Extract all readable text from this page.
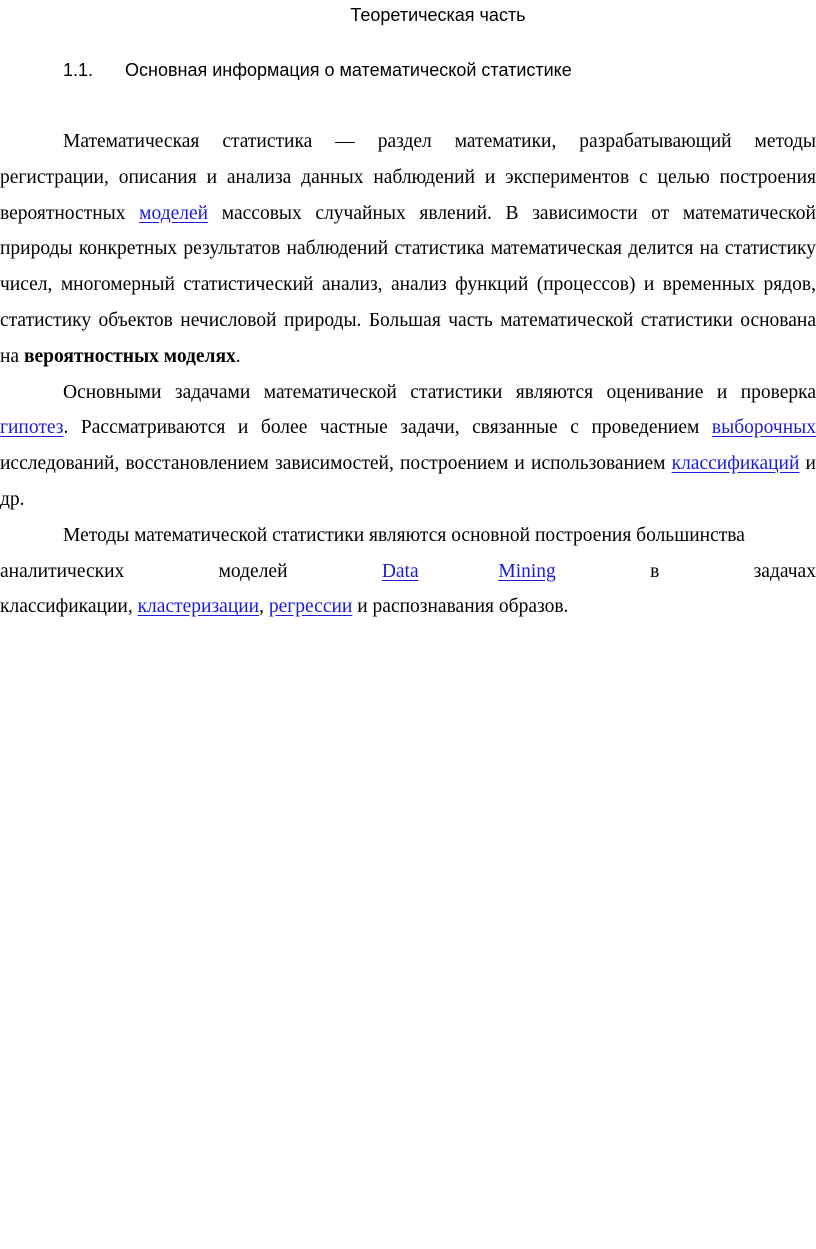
Теоретическая часть
1.1. Основная информация о математической статистике

Математическая статистика — раздел математики, разрабатывающий методы регистрации, описания и анализа данных наблюдений и экспериментов с целью построения вероятностных моделей массовых случайных явлений. В зависимости от математической природы конкретных результатов наблюдений статистика математическая делится на статистику чисел, многомерный статистический анализ, анализ функций (процессов) и временных рядов, статистику объектов нечисловой природы. Большая часть математической статистики основана на вероятностных моделях.

Основными задачами математической статистики являются оценивание и проверка гипотез. Рассматриваются и более частные задачи, связанные с проведением выборочных исследований, восстановлением зависимостей, построением и использованием классификаций и др.

Методы математической статистики являются основной построения большинства

аналитических	моделей	Data	Mining	в	задачах
классификации, кластеризации, регрессии и распознавания образов.
